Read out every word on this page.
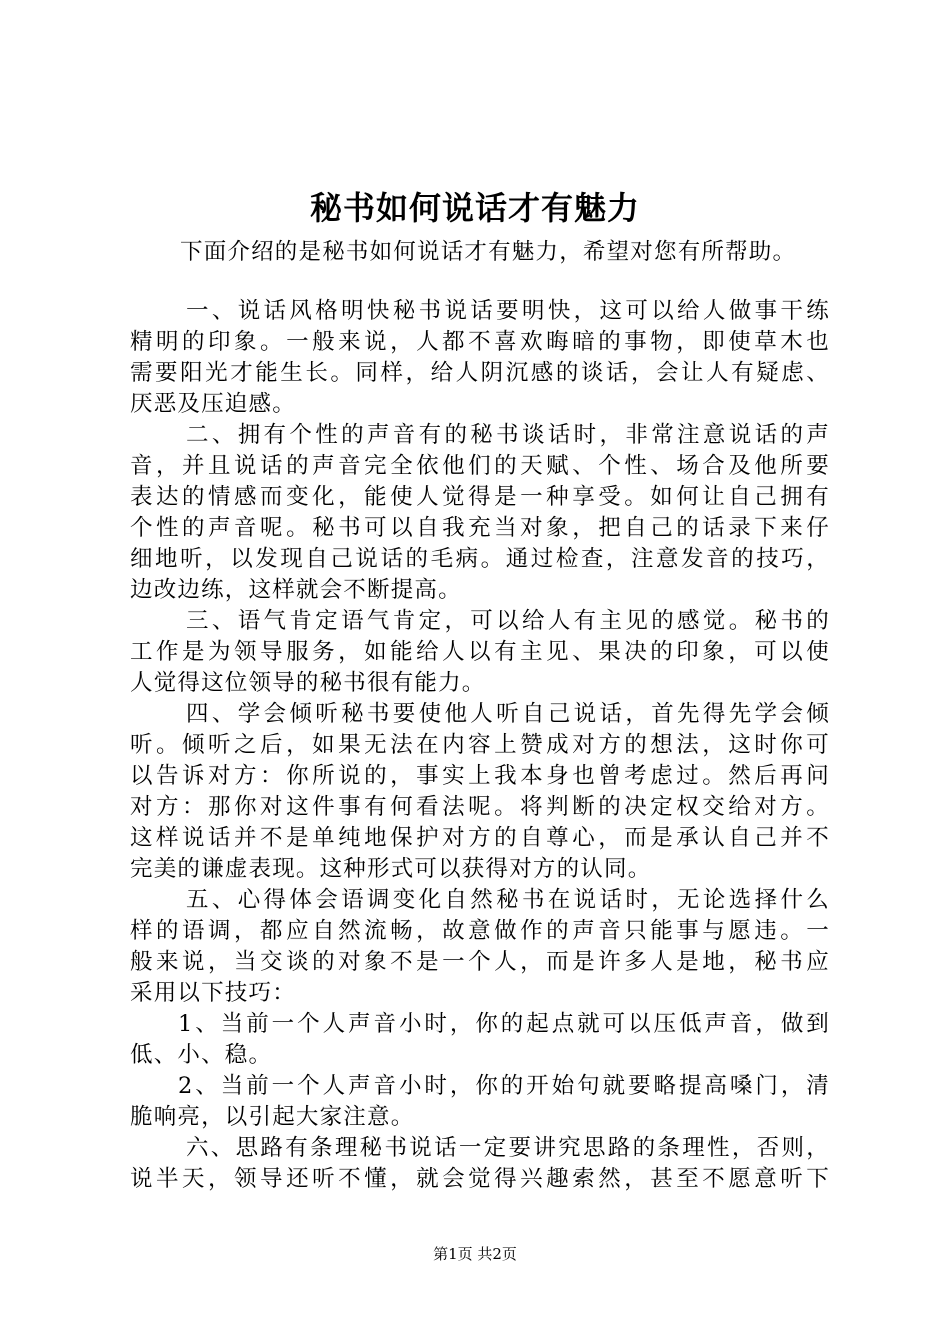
秘书如何说话才有魅力
下面介绍的是秘书如何说话才有魅力，希望对您有所帮助。
一、说话风格明快秘书说话要明快，这可以给人做事干练
精明的印象。一般来说，人都不喜欢晦暗的事物，即使草木也
需要阳光才能生长。同样，给人阴沉感的谈话，会让人有疑虑、
厌恶及压迫感。
二、拥有个性的声音有的秘书谈话时，非常注意说话的声
音，并且说话的声音完全依他们的天赋、个性、场合及他所要
表达的情感而变化，能使人觉得是一种享受。如何让自己拥有
个性的声音呢。秘书可以自我充当对象，把自己的话录下来仔
细地听，以发现自己说话的毛病。通过检查，注意发音的技巧，
边改边练，这样就会不断提高。
三、语气肯定语气肯定，可以给人有主见的感觉。秘书的
工作是为领导服务，如能给人以有主见、果决的印象，可以使
人觉得这位领导的秘书很有能力。
四、学会倾听秘书要使他人听自己说话，首先得先学会倾
听。倾听之后，如果无法在内容上赞成对方的想法，这时你可
以告诉对方：你所说的，事实上我本身也曾考虑过。然后再问
对方：那你对这件事有何看法呢。将判断的决定权交给对方。
这样说话并不是单纯地保护对方的自尊心，而是承认自己并不
完美的谦虚表现。这种形式可以获得对方的认同。
五、心得体会语调变化自然秘书在说话时，无论选择什么
样的语调，都应自然流畅，故意做作的声音只能事与愿违。一
般来说，当交谈的对象不是一个人，而是许多人是地，秘书应
采用以下技巧：
1、当前一个人声音小时，你的起点就可以压低声音，做到
低、小、稳。
2、当前一个人声音小时，你的开始句就要略提高嗓门，清
脆响亮，以引起大家注意。
六、思路有条理秘书说话一定要讲究思路的条理性，否则，
说半天，领导还听不懂，就会觉得兴趣索然，甚至不愿意听下
第1页 共2页
